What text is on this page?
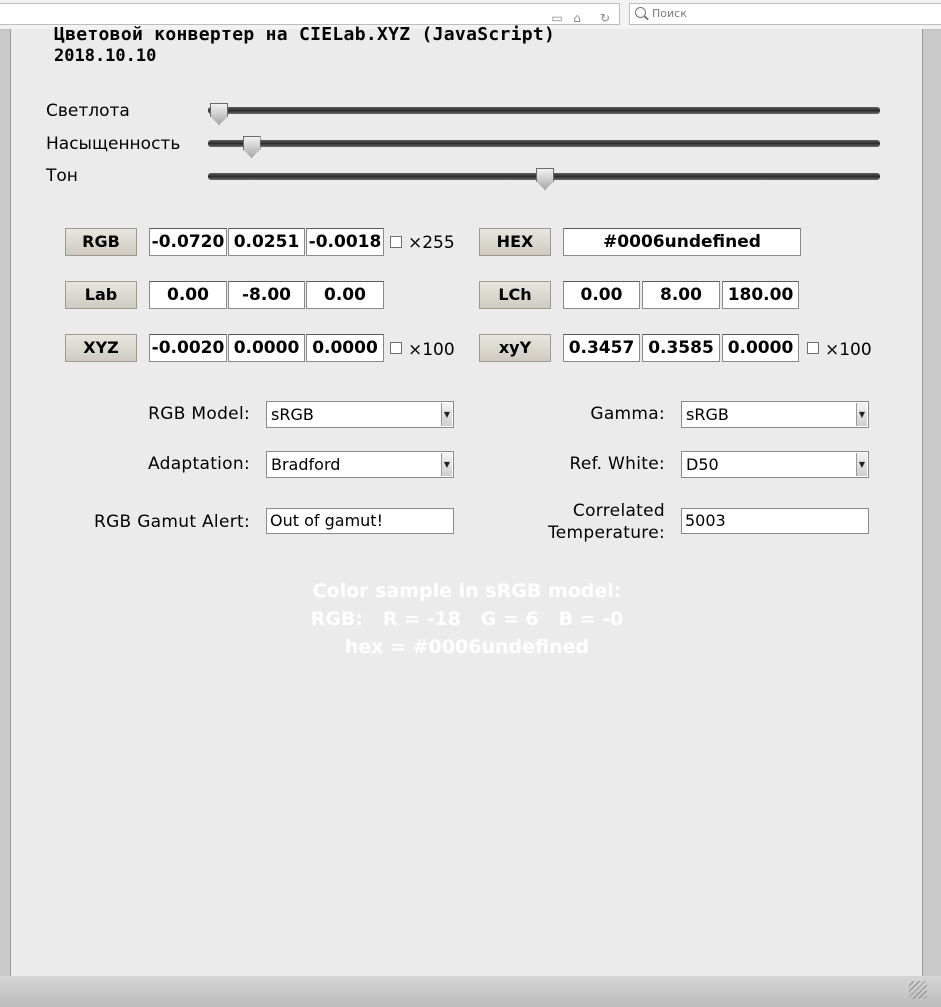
▭ ⌂	↻	Поиск
Цветовой конвертер на CIELab.XYZ (JavaScript)
2018.10.10
Светлота
Насыщенность
Тон
RGB	-0.0720 0.0251 -0.0018 ×255	HEX	#0006undefined
Lab	0.00	-8.00	0.00	LCh	0.00	8.00	180.00
XYZ	-0.0020 0.0000 0.0000	×100	xyY	0.3457 0.3585 0.0000	×100
RGB Model:	sRGB	▼	Gamma:	sRGB	▼
Adaptation:	Bradford	▼	Ref. White:	D50	▼
RGB Gamut Alert: Out of gamut!	Correlated
Temperature:
5003
Color sample in sRGB model:
RGB:   R = -18   G = 6   B = -0
hex = #0006undefined
